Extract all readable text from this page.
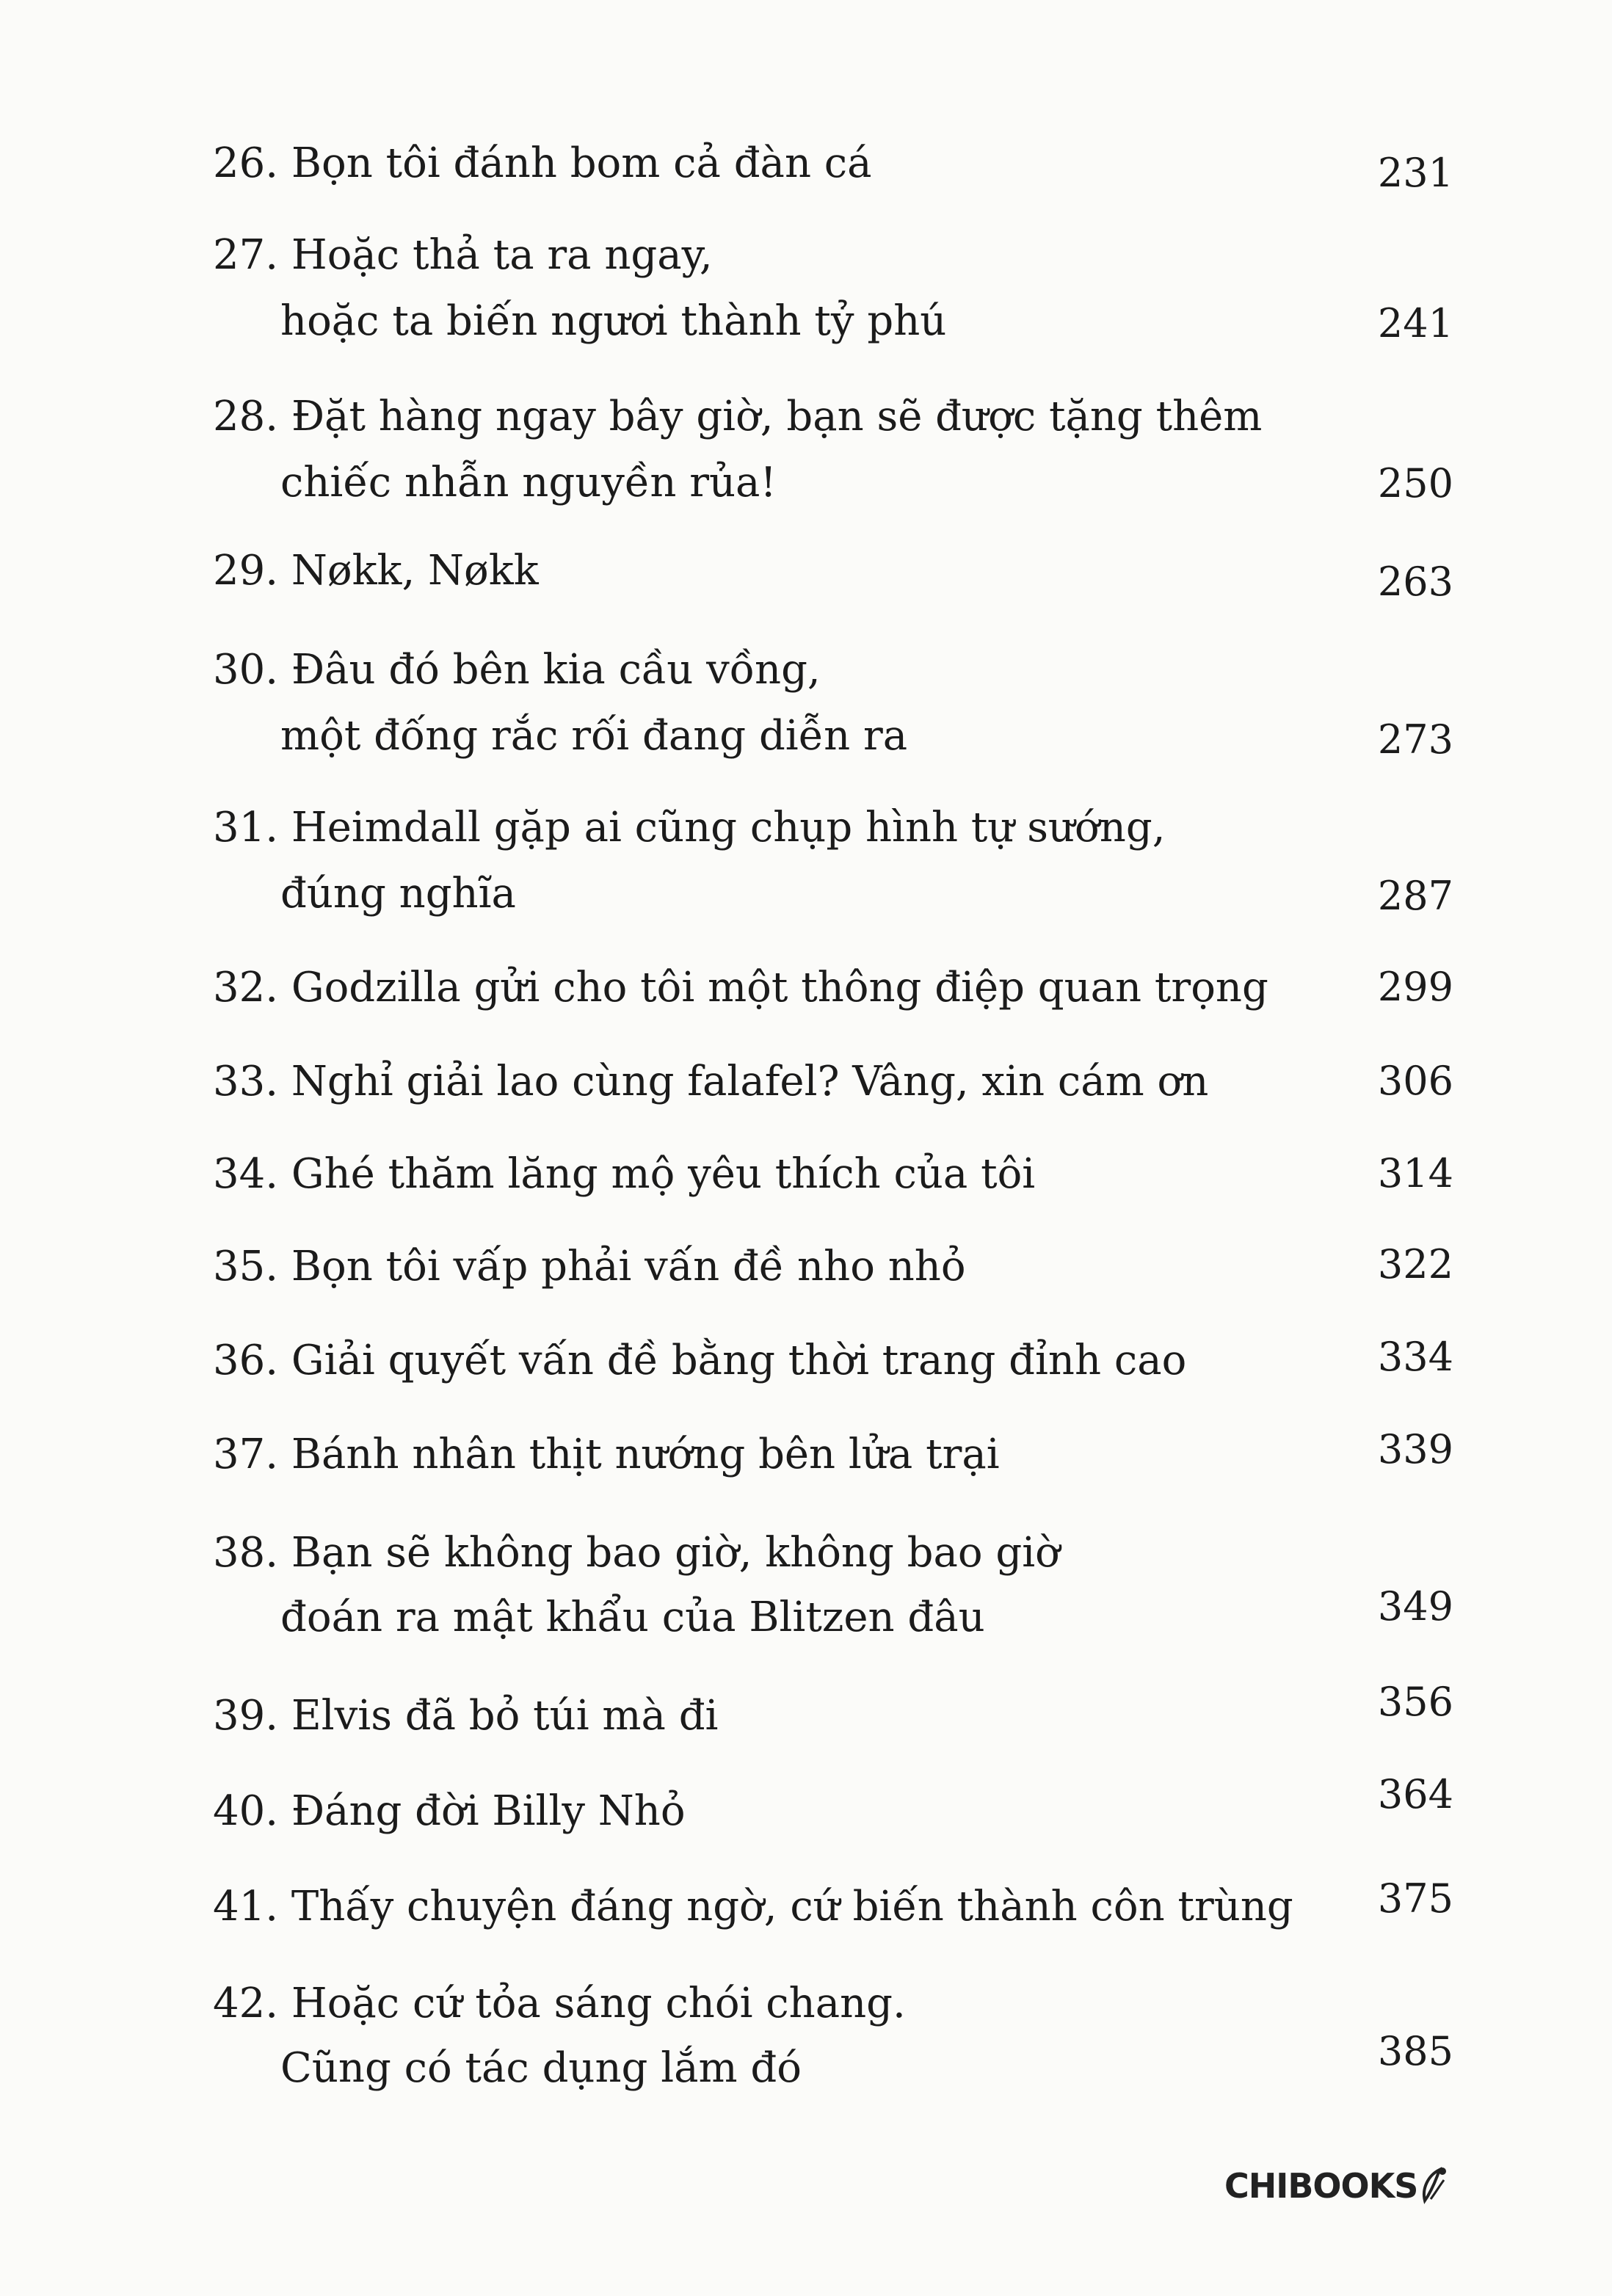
26. Bọn tôi đánh bom cả đàn cá	231
27. Hoặc thả ta ra ngay,
hoặc ta biến ngươi thành tỷ phú	241
28. Đặt hàng ngay bây giờ, bạn sẽ được tặng thêm
chiếc nhẫn nguyền rủa!	250
29. Nøkk, Nøkk	263
30. Đâu đó bên kia cầu vồng,
một đống rắc rối đang diễn ra	273
31. Heimdall gặp ai cũng chụp hình tự sướng,
đúng nghĩa	287
32. Godzilla gửi cho tôi một thông điệp quan trọng	299
33. Nghỉ giải lao cùng falafel? Vâng, xin cám ơn	306
34. Ghé thăm lăng mộ yêu thích của tôi	314
35. Bọn tôi vấp phải vấn đề nho nhỏ	322
36. Giải quyết vấn đề bằng thời trang đỉnh cao	334
37. Bánh nhân thịt nướng bên lửa trại	339
38. Bạn sẽ không bao giờ, không bao giờ
đoán ra mật khẩu của Blitzen đâu	349
39. Elvis đã bỏ túi mà đi	356
40. Đáng đời Billy Nhỏ	364
41. Thấy chuyện đáng ngờ, cứ biến thành côn trùng 375
42. Hoặc cứ tỏa sáng chói chang.
Cũng có tác dụng lắm đó	385
CHIBOOKS
